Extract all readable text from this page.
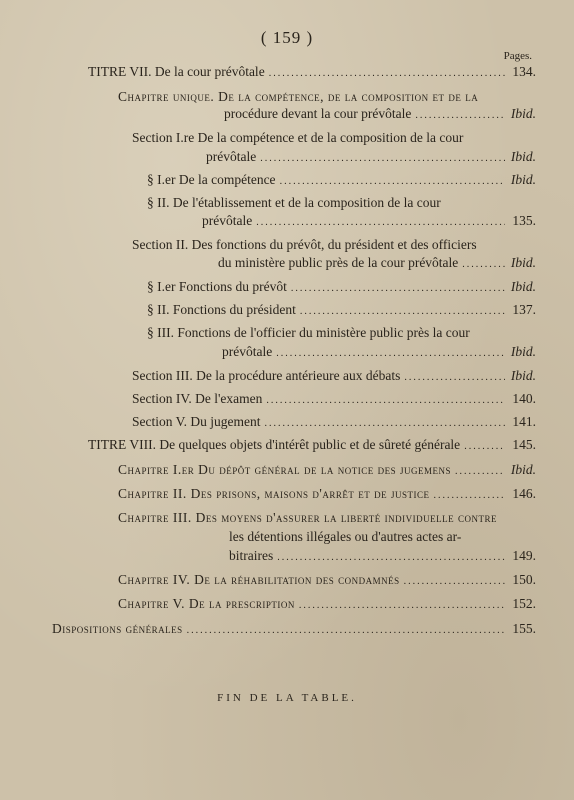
( 159 )
Pages.
TITRE VII. De la cour prévôtale .....	134.
Chapitre unique. De la compétence, de la composition et de la
procédure devant la cour prévôtale .....	Ibid.
Section I.re De la compétence et de la composition de la cour
prévôtale .....	Ibid.
§ I.er De la compétence .....	Ibid.
§ II. De l'établissement et de la composition de la cour
prévôtale .....	135.
Section II. Des fonctions du prévôt, du président et des officiers
du ministère public près de la cour prévôtale .....	Ibid.
§ I.er Fonctions du prévôt .....	Ibid.
§ II. Fonctions du président .....	137.
§ III. Fonctions de l'officier du ministère public près la cour
prévôtale .....	Ibid.
Section III. De la procédure antérieure aux débats .....	Ibid.
Section IV. De l'examen .....	140.
Section V. Du jugement .....	141.
TITRE VIII. De quelques objets d'intérêt public et de sûreté générale .....	145.
Chapitre I.er Du dépôt général de la notice des jugemens .....	Ibid.
Chapitre II. Des prisons, maisons d'arrêt et de justice .....	146.
Chapitre III. Des moyens d'assurer la liberté individuelle contre
les détentions illégales ou d'autres actes ar-
bitraires .....	149.
Chapitre IV. De la réhabilitation des condamnés .....	150.
Chapitre V. De la prescription .....	152.
Dispositions générales .....	155.
FIN DE LA TABLE.
